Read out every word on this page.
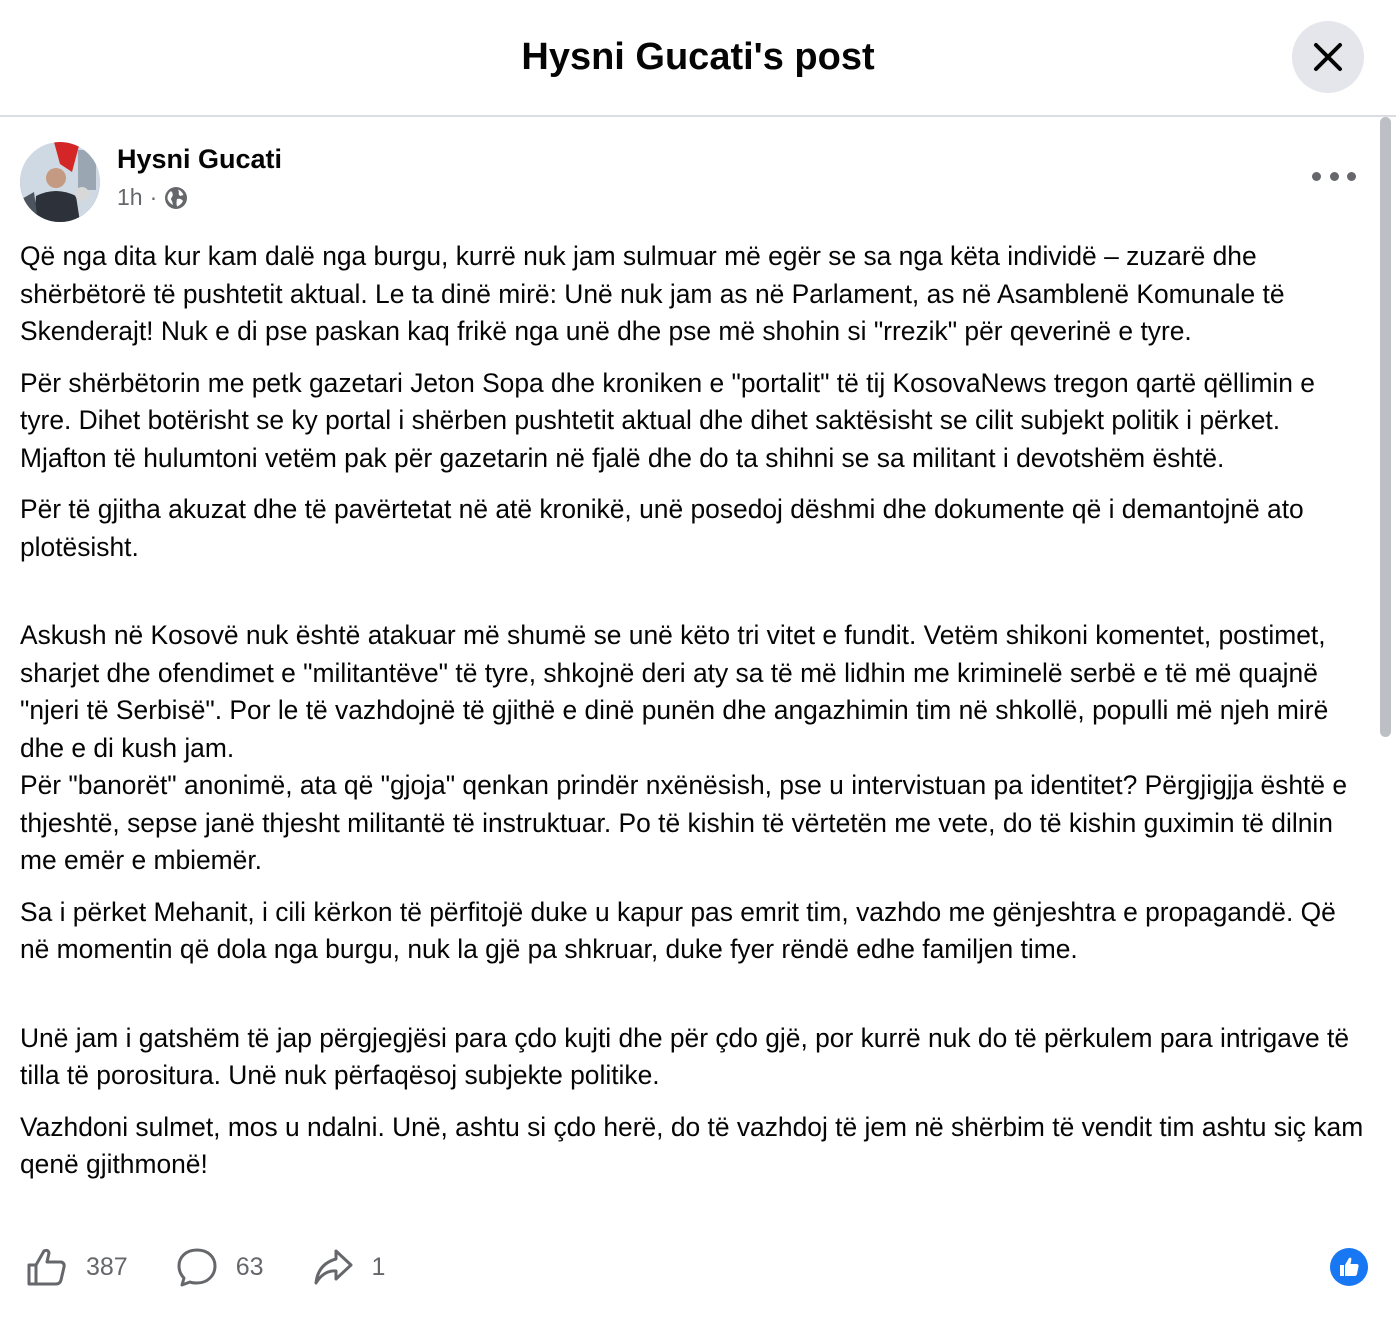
Hysni Gucati's post
Hysni Gucati
1h ·

Që nga dita kur kam dalë nga burgu, kurrë nuk jam sulmuar më egër se sa nga këta individë – zuzarë dhe shërbëtorë të pushtetit aktual. Le ta dinë mirë: Unë nuk jam as në Parlament, as në Asamblenë Komunale të Skenderajt! Nuk e di pse paskan kaq frikë nga unë dhe pse më shohin si "rrezik" për qeverinë e tyre.

Për shërbëtorin me petk gazetari Jeton Sopa dhe kroniken e "portalit" të tij KosovaNews tregon qartë qëllimin e tyre. Dihet botërisht se ky portal i shërben pushtetit aktual dhe dihet saktësisht se cilit subjekt politik i përket. Mjafton të hulumtoni vetëm pak për gazetarin në fjalë dhe do ta shihni se sa militant i devotshëm është.

Për të gjitha akuzat dhe të pavërtetat në atë kronikë, unë posedoj dëshmi dhe dokumente që i demantojnë ato plotësisht.

Askush në Kosovë nuk është atakuar më shumë se unë këto tri vitet e fundit. Vetëm shikoni komentet, postimet, sharjet dhe ofendimet e "militantëve" të tyre, shkojnë deri aty sa të më lidhin me kriminelë serbë e të më quajnë "njeri të Serbisë". Por le të vazhdojnë të gjithë e dinë punën dhe angazhimin tim në shkollë, populli më njeh mirë dhe e di kush jam.
Për "banorët" anonimë, ata që "gjoja" qenkan prindër nxënësish, pse u intervistuan pa identitet? Përgjigjja është e thjeshtë, sepse janë thjesht militantë të instruktuar. Po të kishin të vërtetën me vete, do të kishin guximin të dilnin me emër e mbiemër.

Sa i përket Mehanit, i cili kërkon të përfitojë duke u kapur pas emrit tim, vazhdo me gënjeshtra e propagandë. Që në momentin që dola nga burgu, nuk la gjë pa shkruar, duke fyer rëndë edhe familjen time.

Unë jam i gatshëm të jap përgjegjësi para çdo kujti dhe për çdo gjë, por kurrë nuk do të përkulem para intrigave të tilla të porositura. Unë nuk përfaqësoj subjekte politike.

Vazhdoni sulmet, mos u ndalni. Unë, ashtu si çdo herë, do të vazhdoj të jem në shërbim të vendit tim ashtu siç kam qenë gjithmonë!

387	63	1
